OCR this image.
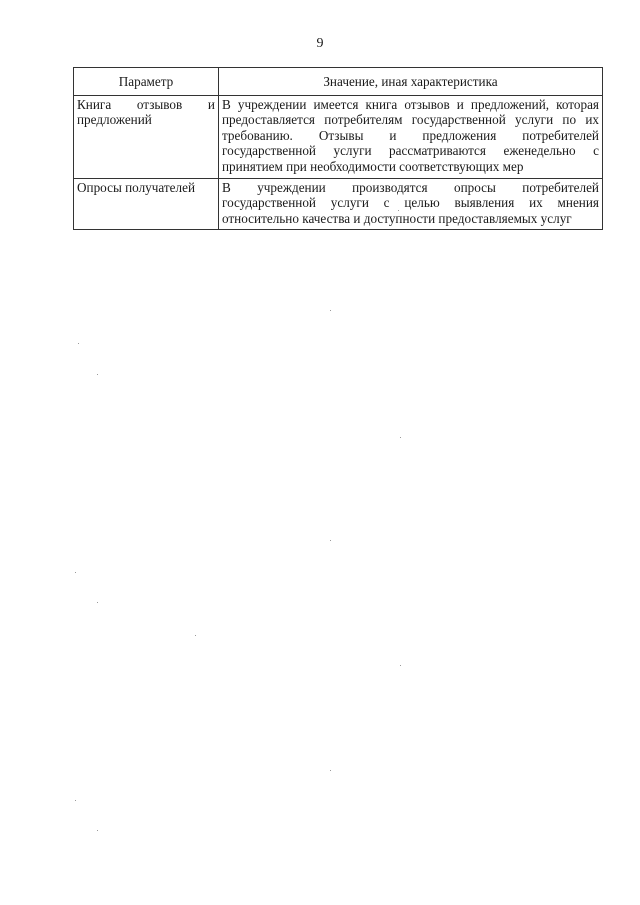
9
Параметр	Значение, иная характеристика
Книга отзывов и предложений	В учреждении имеется книга отзывов и предложений, которая предоставляется потребителям государственной услуги по их требованию. Отзывы и предложения потребителей государственной услуги рассматриваются еженедельно с принятием при необходимости соответствующих мер
Опросы получателей	В учреждении производятся опросы потребителей государственной услуги с целью выявления их мнения относительно качества и доступности предоставляемых услуг
